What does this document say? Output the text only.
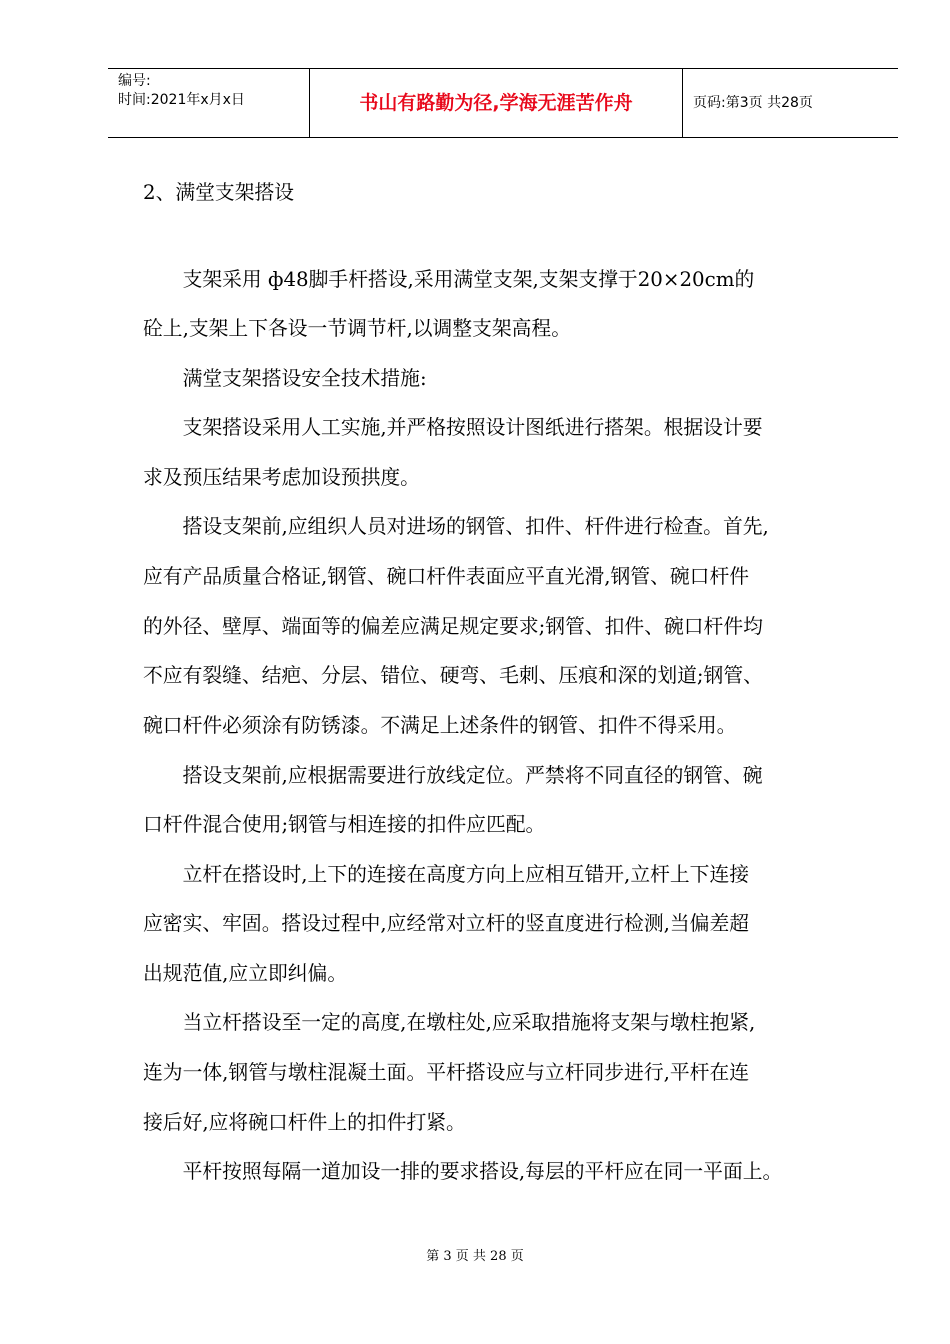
编号:
时间:2021年x月x日	书山有路勤为径,学海无涯苦作舟	页码:第3页 共28页
2、满堂支架搭设
　　支架采用 ф48脚手杆搭设,采用满堂支架,支架支撑于20×20cm的
砼上,支架上下各设一节调节杆,以调整支架高程。
　　满堂支架搭设安全技术措施:
　　支架搭设采用人工实施,并严格按照设计图纸进行搭架。根据设计要
求及预压结果考虑加设预拱度。
　　搭设支架前,应组织人员对进场的钢管、扣件、杆件进行检查。首先,
应有产品质量合格证,钢管、碗口杆件表面应平直光滑,钢管、碗口杆件
的外径、壁厚、端面等的偏差应满足规定要求;钢管、扣件、碗口杆件均
不应有裂缝、结疤、分层、错位、硬弯、毛刺、压痕和深的划道;钢管、
碗口杆件必须涂有防锈漆。不满足上述条件的钢管、扣件不得采用。
　　搭设支架前,应根据需要进行放线定位。严禁将不同直径的钢管、碗
口杆件混合使用;钢管与相连接的扣件应匹配。
　　立杆在搭设时,上下的连接在高度方向上应相互错开,立杆上下连接
应密实、牢固。搭设过程中,应经常对立杆的竖直度进行检测,当偏差超
出规范值,应立即纠偏。
　　当立杆搭设至一定的高度,在墩柱处,应采取措施将支架与墩柱抱紧,
连为一体,钢管与墩柱混凝土面。平杆搭设应与立杆同步进行,平杆在连
接后好,应将碗口杆件上的扣件打紧。
　　平杆按照每隔一道加设一排的要求搭设,每层的平杆应在同一平面上。
第 3 页 共 28 页
